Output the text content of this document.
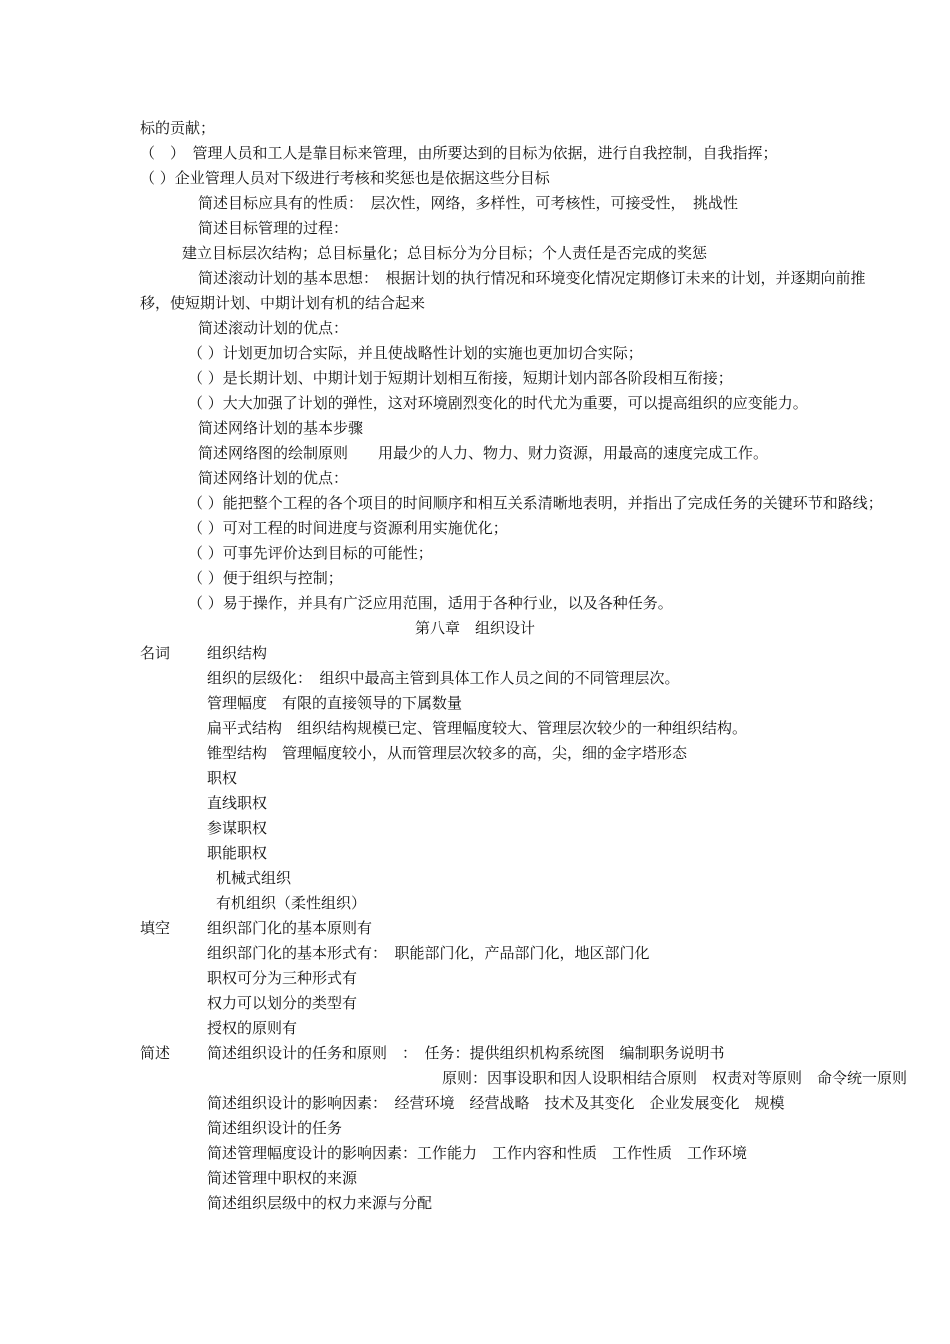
标的贡献；
（　）　管理人员和工人是靠目标来管理，由所要达到的目标为依据，进行自我控制，自我指挥；
（ ）企业管理人员对下级进行考核和奖惩也是依据这些分目标
简述目标应具有的性质：　层次性，网络，多样性，可考核性，可接受性，　挑战性
简述目标管理的过程：
建立目标层次结构；总目标量化；总目标分为分目标；个人责任是否完成的奖惩
简述滚动计划的基本思想：　根据计划的执行情况和环境变化情况定期修订未来的计划，并逐期向前推
移，使短期计划、中期计划有机的结合起来
简述滚动计划的优点：
（ ）计划更加切合实际，并且使战略性计划的实施也更加切合实际；
（ ）是长期计划、中期计划于短期计划相互衔接，短期计划内部各阶段相互衔接；
（ ）大大加强了计划的弹性，这对环境剧烈变化的时代尤为重要，可以提高组织的应变能力。
简述网络计划的基本步骤
简述网络图的绘制原则　　用最少的人力、物力、财力资源，用最高的速度完成工作。
简述网络计划的优点：
（ ）能把整个工程的各个项目的时间顺序和相互关系清晰地表明，并指出了完成任务的关键环节和路线；
（ ）可对工程的时间进度与资源利用实施优化；
（ ）可事先评价达到目标的可能性；
（ ）便于组织与控制；
（ ）易于操作，并具有广泛应用范围，适用于各种行业，以及各种任务。
第八章　组织设计
名词 组织结构
组织的层级化：　组织中最高主管到具体工作人员之间的不同管理层次。
管理幅度　有限的直接领导的下属数量
扁平式结构　组织结构规模已定、管理幅度较大、管理层次较少的一种组织结构。
锥型结构　管理幅度较小，从而管理层次较多的高，尖，细的金字塔形态
职权
直线职权
参谋职权
职能职权
机械式组织
有机组织（柔性组织）
填空 组织部门化的基本原则有
组织部门化的基本形式有：　职能部门化，产品部门化，地区部门化
职权可分为三种形式有
权力可以划分的类型有
授权的原则有
简述 简述组织设计的任务和原则　：　任务：提供组织机构系统图　编制职务说明书
原则：因事设职和因人设职相结合原则　权责对等原则　命令统一原则
简述组织设计的影响因素：　经营环境　经营战略　技术及其变化　企业发展变化　规模
简述组织设计的任务
简述管理幅度设计的影响因素：工作能力　工作内容和性质　工作性质　工作环境
简述管理中职权的来源
简述组织层级中的权力来源与分配
